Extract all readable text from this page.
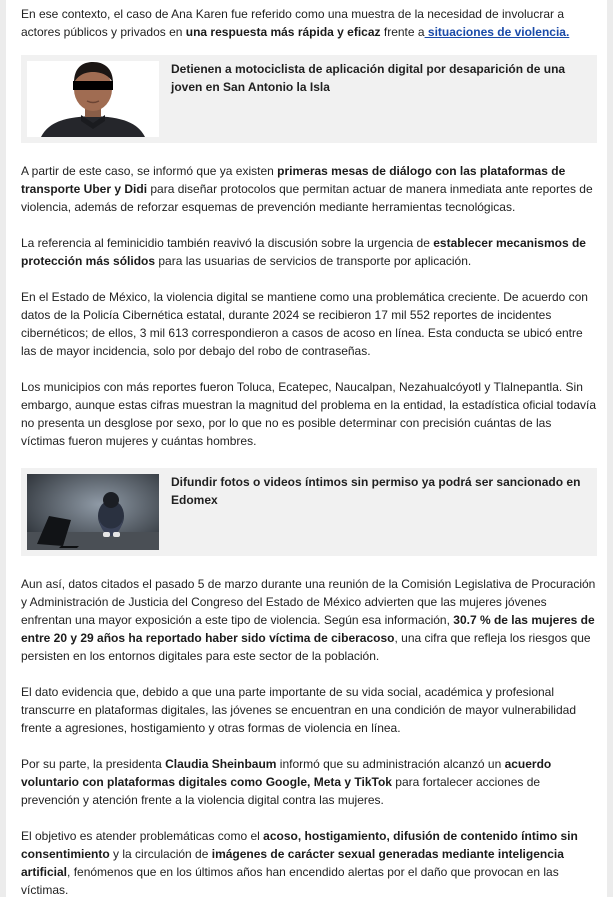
En ese contexto, el caso de Ana Karen fue referido como una muestra de la necesidad de involucrar a actores públicos y privados en una respuesta más rápida y eficaz frente a situaciones de violencia.

Detienen a motociclista de aplicación digital por desaparición de una joven en San Antonio la Isla

A partir de este caso, se informó que ya existen primeras mesas de diálogo con las plataformas de transporte Uber y Didi para diseñar protocolos que permitan actuar de manera inmediata ante reportes de violencia, además de reforzar esquemas de prevención mediante herramientas tecnológicas.

La referencia al feminicidio también reavivó la discusión sobre la urgencia de establecer mecanismos de protección más sólidos para las usuarias de servicios de transporte por aplicación.

En el Estado de México, la violencia digital se mantiene como una problemática creciente. De acuerdo con datos de la Policía Cibernética estatal, durante 2024 se recibieron 17 mil 552 reportes de incidentes cibernéticos; de ellos, 3 mil 613 correspondieron a casos de acoso en línea. Esta conducta se ubicó entre las de mayor incidencia, solo por debajo del robo de contraseñas.

Los municipios con más reportes fueron Toluca, Ecatepec, Naucalpan, Nezahualcóyotl y Tlalnepantla. Sin embargo, aunque estas cifras muestran la magnitud del problema en la entidad, la estadística oficial todavía no presenta un desglose por sexo, por lo que no es posible determinar con precisión cuántas de las víctimas fueron mujeres y cuántas hombres.

Difundir fotos o videos íntimos sin permiso ya podrá ser sancionado en Edomex

Aun así, datos citados el pasado 5 de marzo durante una reunión de la Comisión Legislativa de Procuración y Administración de Justicia del Congreso del Estado de México advierten que las mujeres jóvenes enfrentan una mayor exposición a este tipo de violencia. Según esa información, 30.7 % de las mujeres de entre 20 y 29 años ha reportado haber sido víctima de ciberacoso, una cifra que refleja los riesgos que persisten en los entornos digitales para este sector de la población.

El dato evidencia que, debido a que una parte importante de su vida social, académica y profesional transcurre en plataformas digitales, las jóvenes se encuentran en una condición de mayor vulnerabilidad frente a agresiones, hostigamiento y otras formas de violencia en línea.

Por su parte, la presidenta Claudia Sheinbaum informó que su administración alcanzó un acuerdo voluntario con plataformas digitales como Google, Meta y TikTok para fortalecer acciones de prevención y atención frente a la violencia digital contra las mujeres.

El objetivo es atender problemáticas como el acoso, hostigamiento, difusión de contenido íntimo sin consentimiento y la circulación de imágenes de carácter sexual generadas mediante inteligencia artificial, fenómenos que en los últimos años han encendido alertas por el daño que provocan en las víctimas.
